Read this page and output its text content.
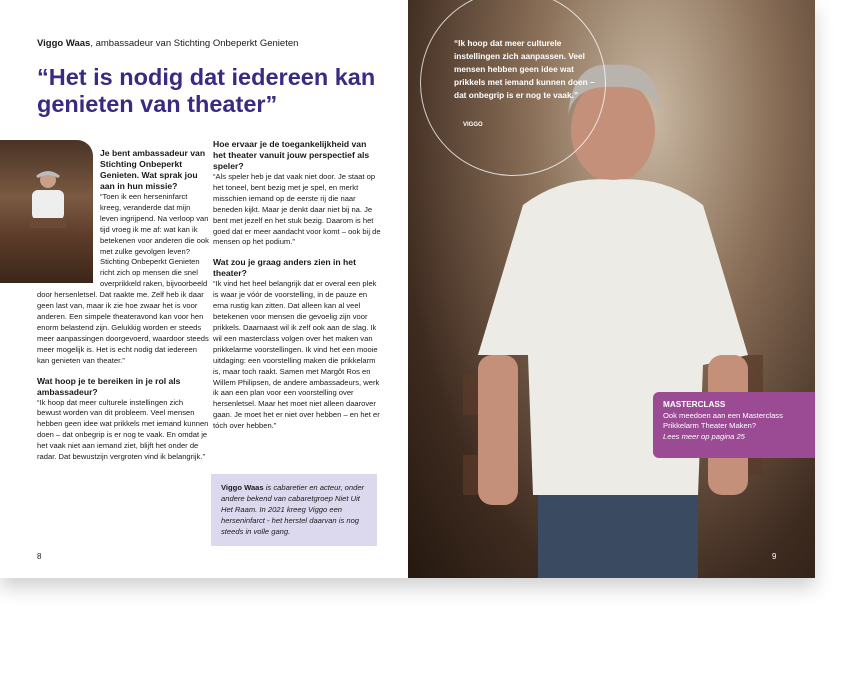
Viggo Waas, ambassadeur van Stichting Onbeperkt Genieten
“Het is nodig dat iedereen kan genieten van theater”
Je bent ambassadeur van Stichting Onbeperkt Genieten. Wat sprak jou aan in hun missie?

“Toen ik een herseninfarct kreeg, veranderde dat mijn leven ingrijpend. Na verloop van tijd vroeg ik me af: wat kan ik betekenen voor anderen die ook met zulke gevolgen leven? Stichting Onbeperkt Genieten richt zich op mensen die snel overprikkeld raken, bijvoorbeeld door hersenletsel. Dat raakte me. Zelf heb ik daar geen last van, maar ik zie hoe zwaar het is voor anderen. Een simpele theateravond kan voor hen enorm belastend zijn. Gelukkig worden er steeds meer aanpassingen doorgevoerd, waardoor steeds meer mogelijk is. Het is echt nodig dat iedereen kan genieten van theater.”

Wat hoop je te bereiken in je rol als ambassadeur?

“Ik hoop dat meer culturele instellingen zich bewust worden van dit probleem. Veel mensen hebben geen idee wat prikkels met iemand kunnen doen – dat onbegrip is er nog te vaak. En omdat je het vaak niet aan iemand ziet, blijft het onder de radar. Dat bewustzijn vergroten vind ik belangrijk.”

Hoe ervaar je de toegankelijkheid van het theater vanuit jouw perspectief als speler?

“Als speler heb je dat vaak niet door. Je staat op het toneel, bent bezig met je spel, en merkt misschien iemand op de eerste rij die naar beneden kijkt. Maar je denkt daar niet bij na. Je bent met jezelf en het stuk bezig. Daarom is het goed dat er meer aandacht voor komt – ook bij de mensen op het podium.”

Wat zou je graag anders zien in het theater?

“Ik vind het heel belangrijk dat er overal een plek is waar je vóór de voorstelling, in de pauze en erna rustig kan zitten. Dat alleen kan al veel betekenen voor mensen die gevoelig zijn voor prikkels. Daarnaast wil ik zelf ook aan de slag. Ik wil een masterclass volgen over het maken van prikkelarme voorstellingen. Ik vind het een mooie uitdaging: een voorstelling maken die prikkelarm is, maar toch raakt. Samen met Margôt Ros en Willem Philipsen, de andere ambassadeurs, werk ik aan een plan voor een voorstelling over hersenletsel. Maar het moet niet alleen daarover gaan. Je moet het er niet over hebben – en het er tóch over hebben.”

Viggo Waas is cabaretier en acteur, onder andere bekend van cabaretgroep Niet Uit Het Raam. In 2021 kreeg Viggo een herseninfarct - het herstel daarvan is nog steeds in volle gang.
8
“Ik hoop dat meer culturele instellingen zich aanpassen. Veel mensen hebben geen idee wat prikkels met iemand kunnen doen – dat onbegrip is er nog te vaak.”
VIGGO
MASTERCLASS
Ook meedoen aan een Masterclass Prikkelarm Theater Maken?
Lees meer op pagina 25
9
